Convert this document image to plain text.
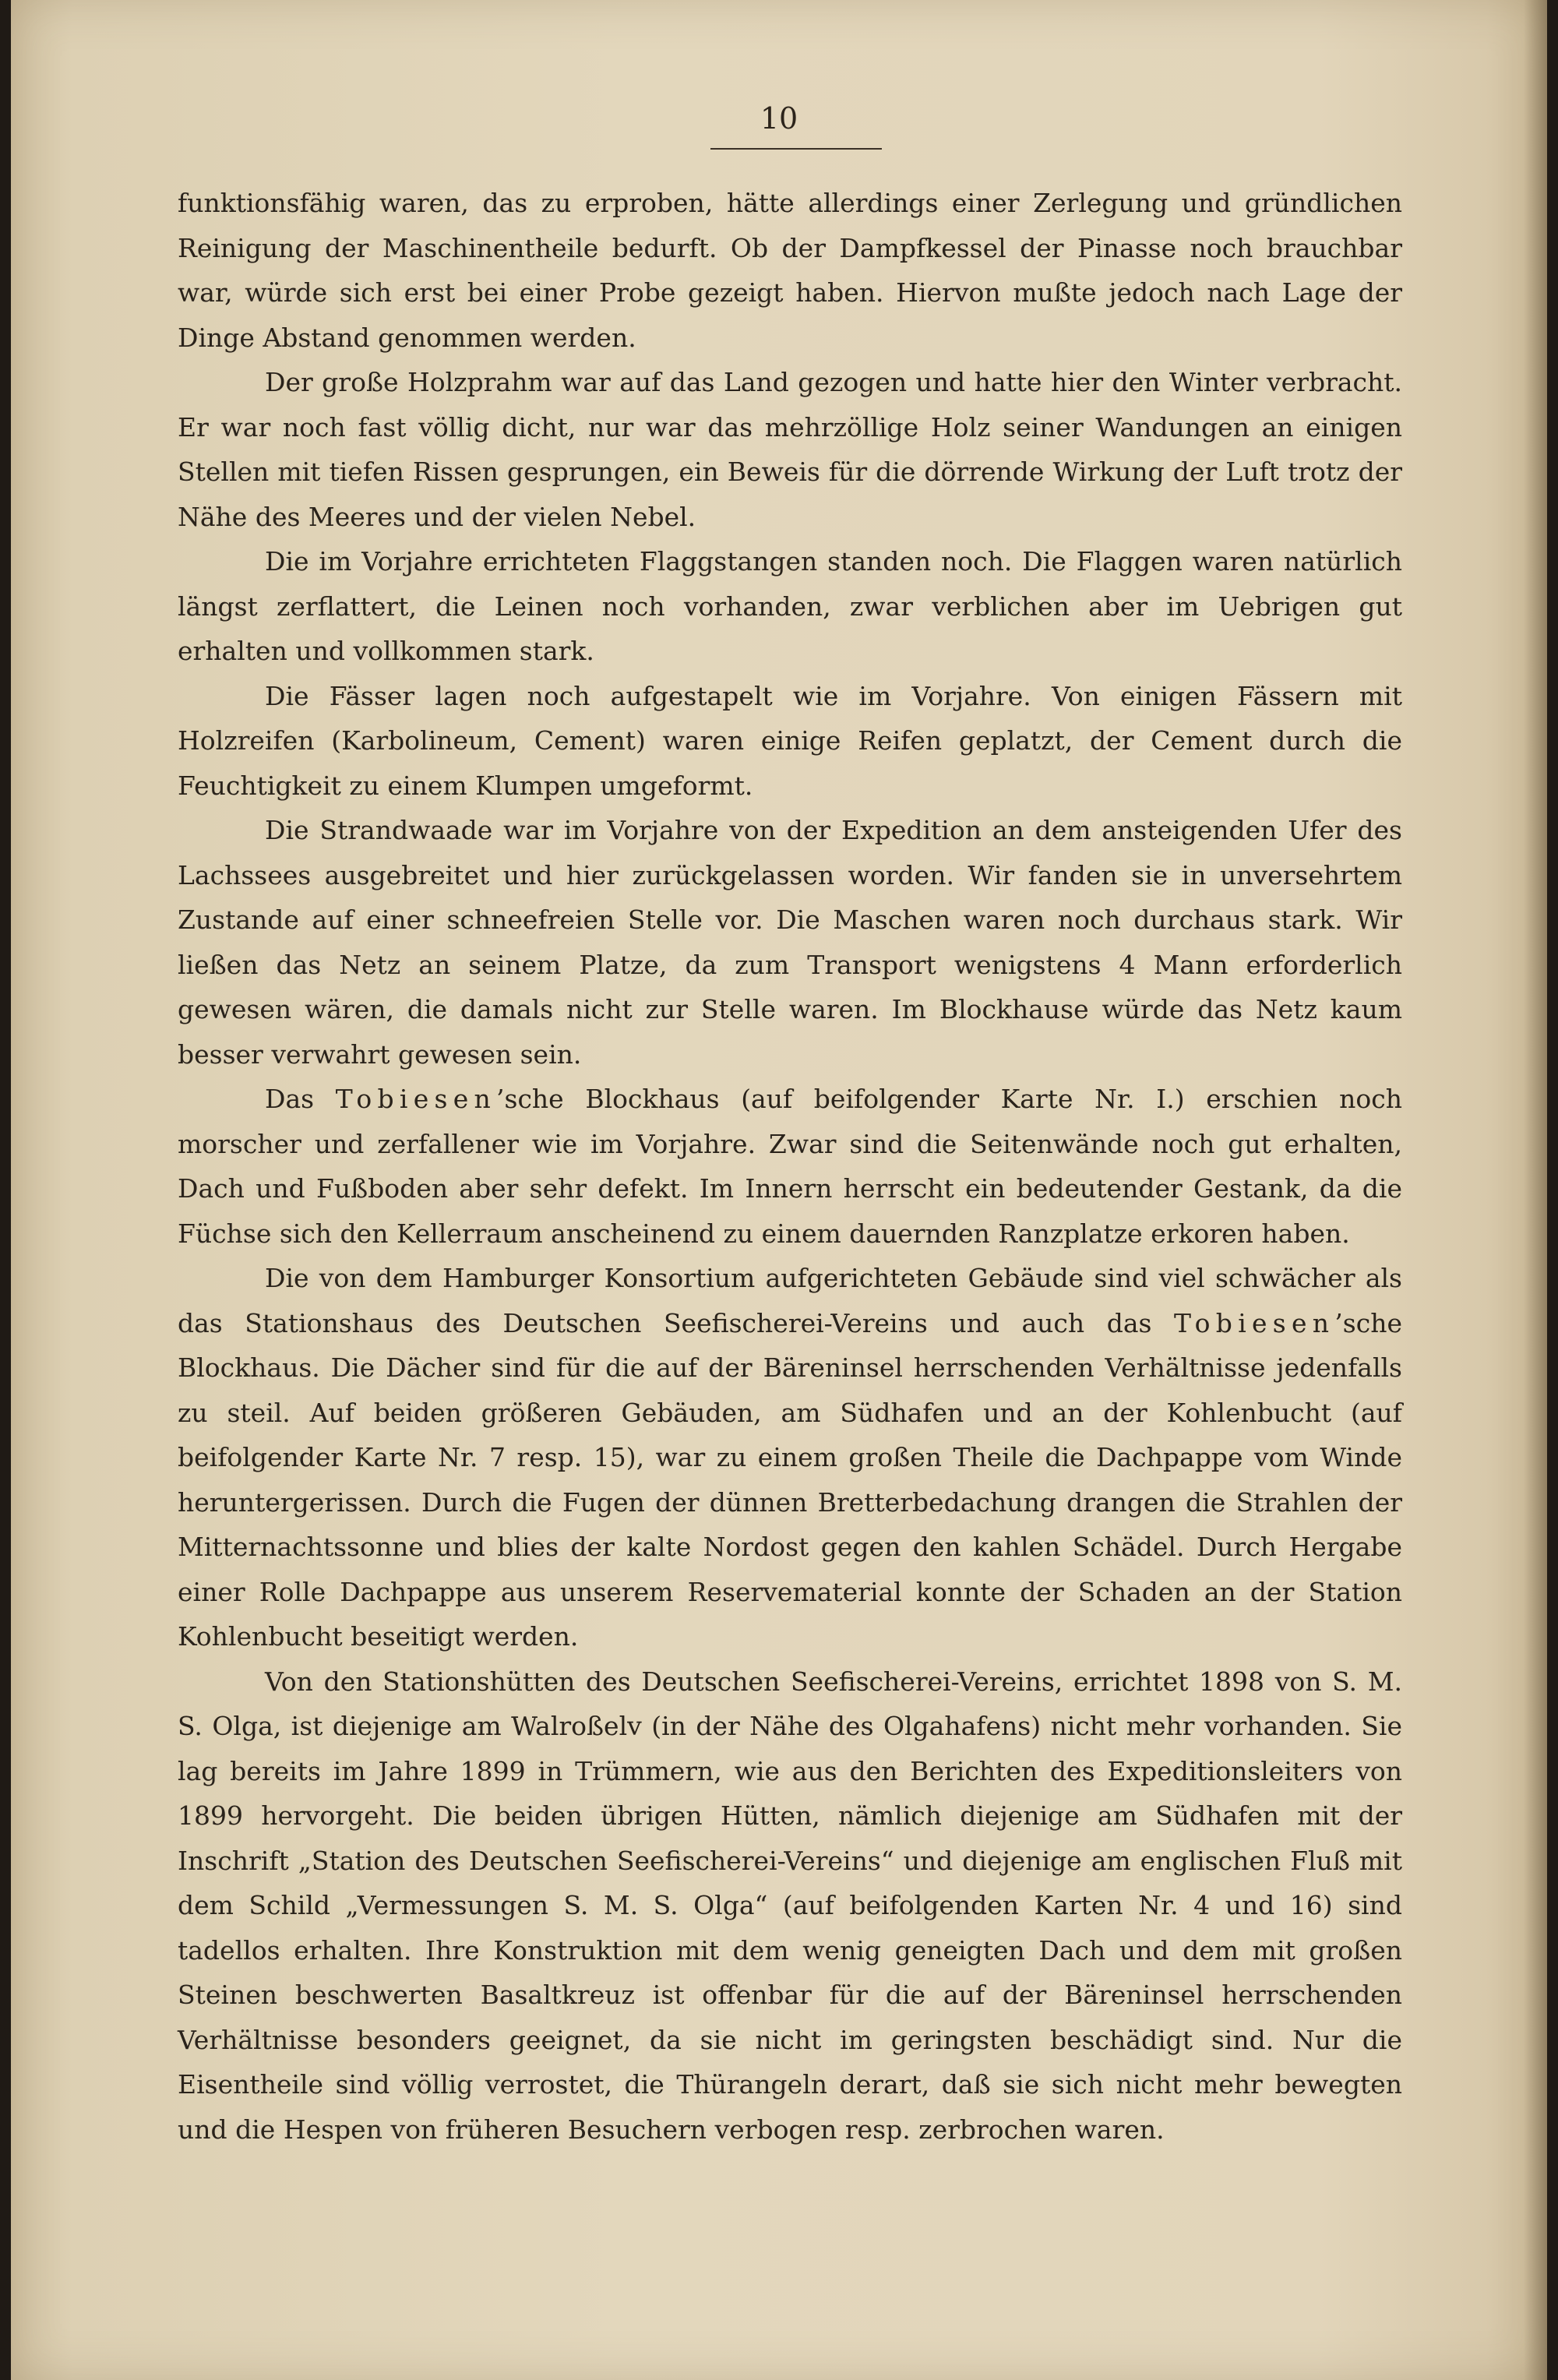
10

funktionsfähig waren, das zu erproben, hätte allerdings einer Zerlegung und gründlichen Reinigung der Maschinentheile bedurft. Ob der Dampfkessel der Pinasse noch brauchbar war, würde sich erst bei einer Probe gezeigt haben. Hiervon mußte jedoch nach Lage der Dinge Abstand genommen werden.

Der große Holzprahm war auf das Land gezogen und hatte hier den Winter verbracht. Er war noch fast völlig dicht, nur war das mehrzöllige Holz seiner Wandungen an einigen Stellen mit tiefen Rissen gesprungen, ein Beweis für die dörrende Wirkung der Luft trotz der Nähe des Meeres und der vielen Nebel.

Die im Vorjahre errichteten Flaggstangen standen noch. Die Flaggen waren natürlich längst zerflattert, die Leinen noch vorhanden, zwar verblichen aber im Uebrigen gut erhalten und vollkommen stark.

Die Fässer lagen noch aufgestapelt wie im Vorjahre. Von einigen Fässern mit Holzreifen (Karbolineum, Cement) waren einige Reifen geplatzt, der Cement durch die Feuchtigkeit zu einem Klumpen umgeformt.

Die Strandwaade war im Vorjahre von der Expedition an dem ansteigenden Ufer des Lachssees ausgebreitet und hier zurückgelassen worden. Wir fanden sie in unversehrtem Zustande auf einer schneefreien Stelle vor. Die Maschen waren noch durchaus stark. Wir ließen das Netz an seinem Platze, da zum Transport wenigstens 4 Mann erforderlich gewesen wären, die damals nicht zur Stelle waren. Im Blockhause würde das Netz kaum besser verwahrt gewesen sein.

Das Tobiesen’sche Blockhaus (auf beifolgender Karte Nr. I.) erschien noch morscher und zerfallener wie im Vorjahre. Zwar sind die Seitenwände noch gut erhalten, Dach und Fußboden aber sehr defekt. Im Innern herrscht ein bedeutender Gestank, da die Füchse sich den Kellerraum anscheinend zu einem dauernden Ranzplatze erkoren haben.

Die von dem Hamburger Konsortium aufgerichteten Gebäude sind viel schwächer als das Stationshaus des Deutschen Seefischerei-Vereins und auch das Tobiesen’sche Blockhaus. Die Dächer sind für die auf der Bäreninsel herrschenden Verhältnisse jedenfalls zu steil. Auf beiden größeren Gebäuden, am Südhafen und an der Kohlenbucht (auf beifolgender Karte Nr. 7 resp. 15), war zu einem großen Theile die Dachpappe vom Winde heruntergerissen. Durch die Fugen der dünnen Bretterbedachung drangen die Strahlen der Mitternachtssonne und blies der kalte Nordost gegen den kahlen Schädel. Durch Hergabe einer Rolle Dachpappe aus unserem Reservematerial konnte der Schaden an der Station Kohlenbucht beseitigt werden.

Von den Stationshütten des Deutschen Seefischerei-Vereins, errichtet 1898 von S. M. S. Olga, ist diejenige am Walroßelv (in der Nähe des Olgahafens) nicht mehr vorhanden. Sie lag bereits im Jahre 1899 in Trümmern, wie aus den Berichten des Expeditionsleiters von 1899 hervorgeht. Die beiden übrigen Hütten, nämlich diejenige am Südhafen mit der Inschrift „Station des Deutschen Seefischerei-Vereins“ und diejenige am englischen Fluß mit dem Schild „Vermessungen S. M. S. Olga“ (auf beifolgenden Karten Nr. 4 und 16) sind tadellos erhalten. Ihre Konstruktion mit dem wenig geneigten Dach und dem mit großen Steinen beschwerten Basaltkreuz ist offenbar für die auf der Bäreninsel herrschenden Verhältnisse besonders geeignet, da sie nicht im geringsten beschädigt sind. Nur die Eisentheile sind völlig verrostet, die Thürangeln derart, daß sie sich nicht mehr bewegten und die Hespen von früheren Besuchern verbogen resp. zerbrochen waren.
